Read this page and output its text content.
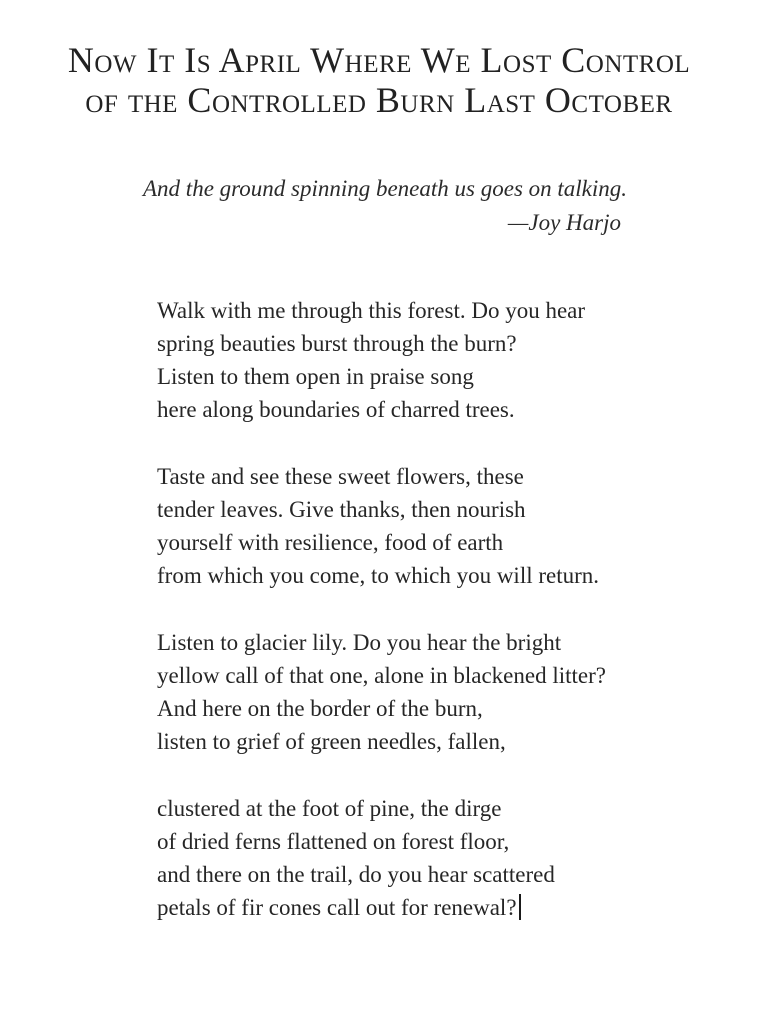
Now It Is April Where We Lost Control
of the Controlled Burn Last October
And the ground spinning beneath us goes on talking.
—Joy Harjo
Walk with me through this forest. Do you hear
spring beauties burst through the burn?
Listen to them open in praise song
here along boundaries of charred trees.
Taste and see these sweet flowers, these
tender leaves. Give thanks, then nourish
yourself with resilience, food of earth
from which you come, to which you will return.
Listen to glacier lily. Do you hear the bright
yellow call of that one, alone in blackened litter?
And here on the border of the burn,
listen to grief of green needles, fallen,
clustered at the foot of pine, the dirge
of dried ferns flattened on forest floor,
and there on the trail, do you hear scattered
petals of fir cones call out for renewal?
